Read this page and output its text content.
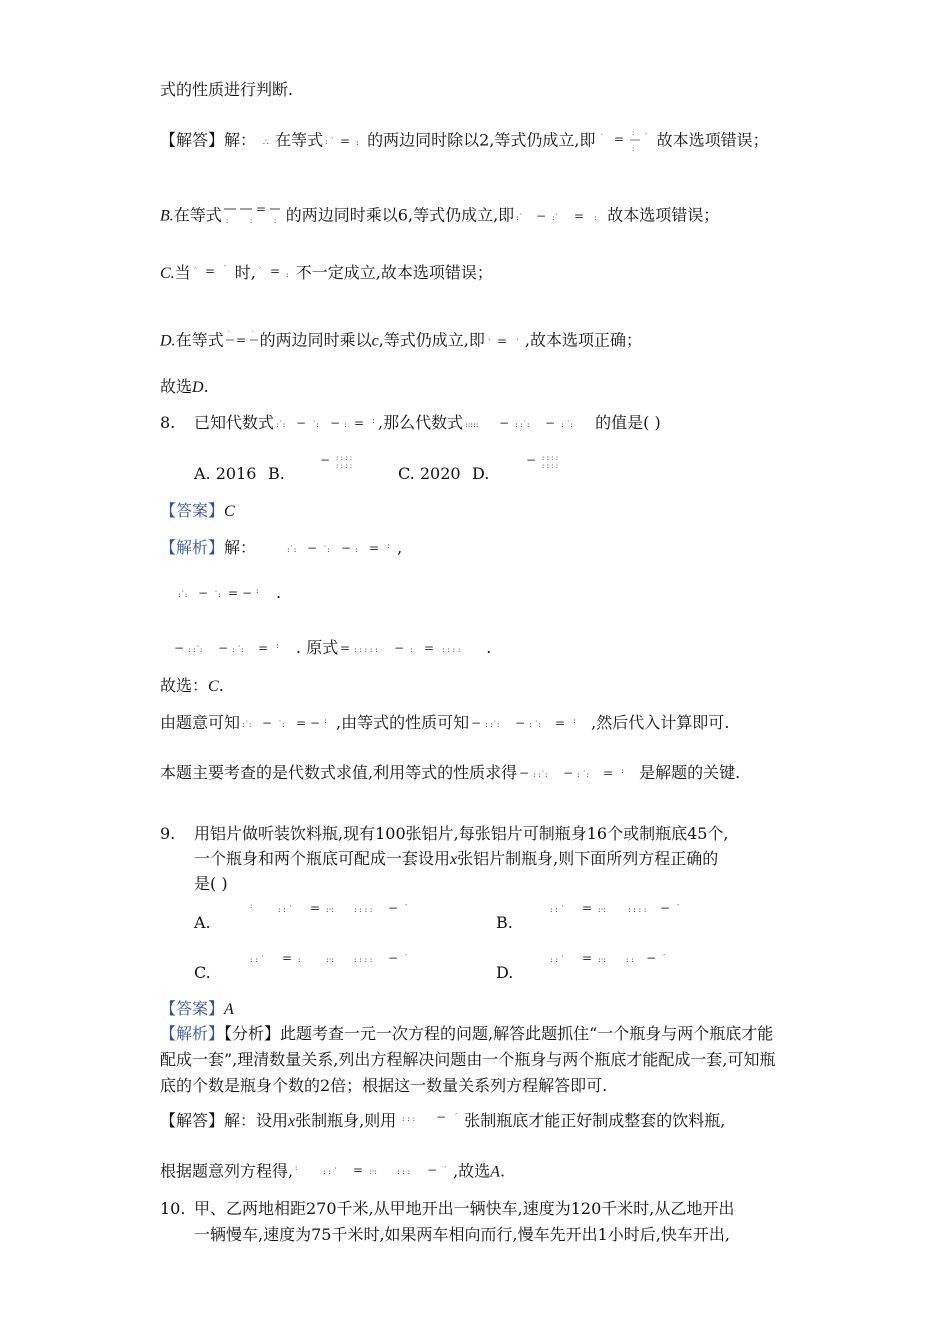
式的性质进行判断.
【解答】解： ∴ 在等式 : ˙ = : 的两边同时除以2,等式仍成立,即 ˊ = :
:
ˊ 故本选项错误；
B.在等式	=
:	:	: 的两边同时乘以6,等式仍成立,即 :˙ − :˙ = : 故本选项错误；
C.当 ˊ = ˊ 时, ˊ = : 不一定成立,故本选项错误；
D.在等式 ˊ = ˊ 的两边同时乘以c,等式仍成立,即 ˊ = ˊ ,故本选项正确；
故选D.
8. 已知代数式 :˙: − ˙: − : = : ,那么代数式 ::::: − : :˙: − : ˙: 的值是( )
A. 2016 B.
− : : : :
: : : :	C. 2020 D.
− : : : :
: : : :
【答案】C
【解析】解：	:˙: − ˙: − : = : ,
:˙: − ˙: = − : .
− : :˙: − : ˙: = : . 原式 = : : : : : − : = : : : : .
故选：C.
由题意可知 :˙: − ˙: = − : ,由等式的性质可知 − : :˙: − : ˙: = : ,然后代入计算即可.
本题主要考查的是代数式求值,利用等式的性质求得 − : :˙: − : ˙: = : 是解题的关键.
9. 用铝片做听装饮料瓶,现有100张铝片,每张铝片可制瓶身16个或制瓶底45个,
一个瓶身和两个瓶底可配成一套设用x张铝片制瓶身,则下面所列方程正确的
是( )
A.
:	: : ˙ = :·:	: : : : − ˊ
B.
: : ˙ = :·:	: : : : − ˊ
C.
: : ˙ = :	:·:	: : : : − ˊ
D.
: : ˙ = :·:	: : − ˊ
【答案】A
【解析】【分析】此题考查一元一次方程的问题,解答此题抓住“一个瓶身与两个瓶底才能配成一套”,理清数量关系,列出方程解决问题由一个瓶身与两个瓶底才能配成一套,可知瓶底的个数是瓶身个数的2倍；根据这一数量关系列方程解答即可.
【解答】解：设用x张制瓶身,则用 : : : − ˊ 张制瓶底才能正好制成整套的饮料瓶,
根据题意列方程得, :	: : ˙ = :·:	: : : − ˊ ,故选A.
10. 甲、乙两地相距270千米,从甲地开出一辆快车,速度为120千米时,从乙地开出
一辆慢车,速度为75千米时,如果两车相向而行,慢车先开出1小时后,快车开出,
